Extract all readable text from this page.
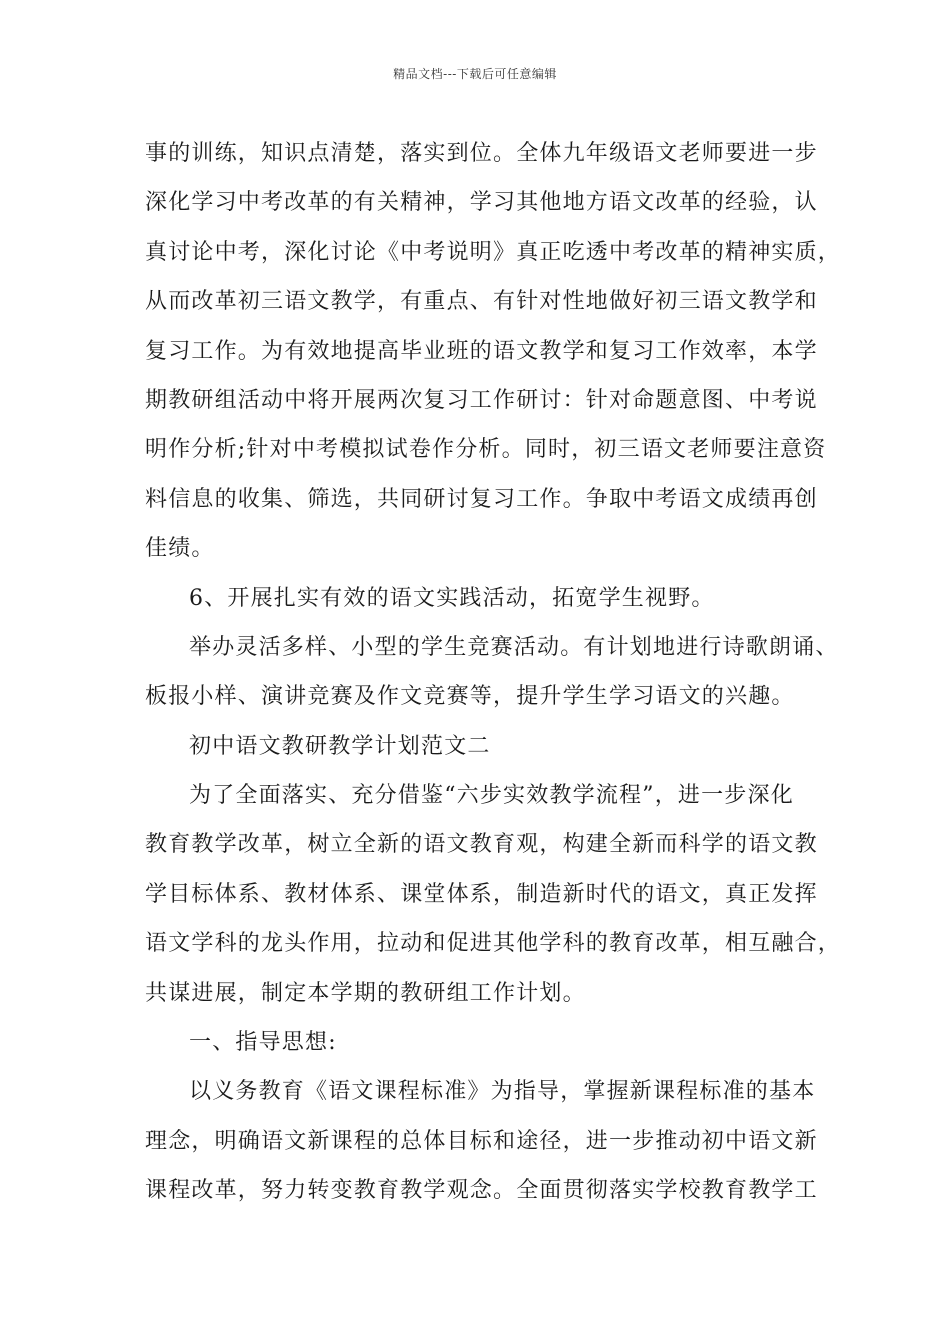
精品文档---下载后可任意编辑
事的训练，知识点清楚，落实到位。全体九年级语文老师要进一步
深化学习中考改革的有关精神，学习其他地方语文改革的经验，认
真讨论中考，深化讨论《中考说明》真正吃透中考改革的精神实质，
从而改革初三语文教学，有重点、有针对性地做好初三语文教学和
复习工作。为有效地提高毕业班的语文教学和复习工作效率，本学
期教研组活动中将开展两次复习工作研讨：针对命题意图、中考说
明作分析;针对中考模拟试卷作分析。同时，初三语文老师要注意资
料信息的收集、筛选，共同研讨复习工作。争取中考语文成绩再创
佳绩。
6、开展扎实有效的语文实践活动，拓宽学生视野。
举办灵活多样、小型的学生竞赛活动。有计划地进行诗歌朗诵、
板报小样、演讲竞赛及作文竞赛等，提升学生学习语文的兴趣。
初中语文教研教学计划范文二
为了全面落实、充分借鉴“六步实效教学流程”，进一步深化
教育教学改革，树立全新的语文教育观，构建全新而科学的语文教
学目标体系、教材体系、课堂体系，制造新时代的语文，真正发挥
语文学科的龙头作用，拉动和促进其他学科的教育改革，相互融合，
共谋进展，制定本学期的教研组工作计划。
一、指导思想:
以义务教育《语文课程标准》为指导，掌握新课程标准的基本
理念，明确语文新课程的总体目标和途径，进一步推动初中语文新
课程改革，努力转变教育教学观念。全面贯彻落实学校教育教学工
